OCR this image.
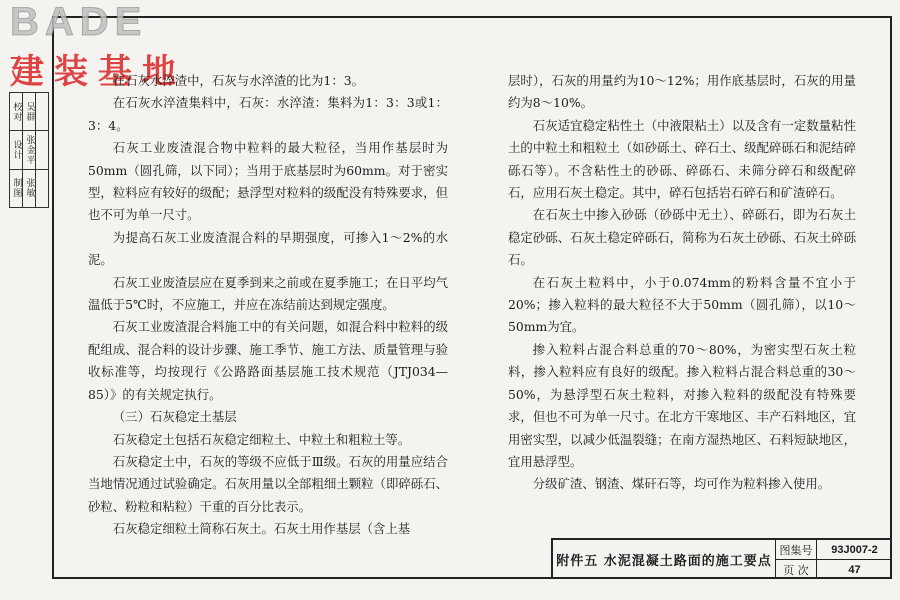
BADE
建装基地
校对
设计
制图
吴群
张金平
张敏

在石灰水淬渣中，石灰与水淬渣的比为1：3。

在石灰水淬渣集料中，石灰：水淬渣：集料为1：3：3或1：3：4。

石灰工业废渣混合物中粒料的最大粒径，当用作基层时为50mm（圆孔筛，以下同）；当用于底基层时为60mm。对于密实型，粒料应有较好的级配；悬浮型对粒料的级配没有特殊要求，但也不可为单一尺寸。

为提高石灰工业废渣混合料的早期强度，可掺入1～2%的水泥。

石灰工业废渣层应在夏季到来之前或在夏季施工；在日平均气温低于5℃时，不应施工，并应在冻结前达到规定强度。

石灰工业废渣混合料施工中的有关问题，如混合料中粒料的级配组成、混合料的设计步骤、施工季节、施工方法、质量管理与验收标准等，均按现行《公路路面基层施工技术规范（JTJ034—85）》的有关规定执行。

（三）石灰稳定土基层

石灰稳定土包括石灰稳定细粒土、中粒土和粗粒土等。

石灰稳定土中，石灰的等级不应低于Ⅲ级。石灰的用量应结合当地情况通过试验确定。石灰用量以全部粗细土颗粒（即碎砾石、砂粒、粉粒和粘粒）干重的百分比表示。

石灰稳定细粒土简称石灰土。石灰土用作基层（含上基

层时），石灰的用量约为10～12%；用作底基层时，石灰的用量约为8～10%。

石灰适宜稳定粘性土（中液限粘土）以及含有一定数量粘性土的中粒土和粗粒土（如砂砾土、碎石土、级配碎砾石和泥结碎砾石等）。不含粘性土的砂砾、碎砾石、未筛分碎石和级配碎石，应用石灰土稳定。其中，碎石包括岩石碎石和矿渣碎石。

在石灰土中掺入砂砾（砂砾中无土）、碎砾石，即为石灰土稳定砂砾、石灰土稳定碎砾石，简称为石灰土砂砾、石灰土碎砾石。

在石灰土粒料中，小于0.074mm的粉料含量不宜小于20%；掺入粒料的最大粒径不大于50mm（圆孔筛），以10～50mm为宜。

掺入粒料占混合料总重的70～80%，为密实型石灰土粒料，掺入粒料应有良好的级配。掺入粒料占混合料总重的30～50%，为悬浮型石灰土粒料，对掺入粒料的级配没有特殊要求，但也不可为单一尺寸。在北方干寒地区、丰产石料地区，宜用密实型，以减少低温裂缝；在南方湿热地区、石料短缺地区，宜用悬浮型。

分级矿渣、钢渣、煤矸石等，均可作为粒料掺入使用。

附件五 水泥混凝土路面的施工要点
图集号
页 次
93J007-2
47
